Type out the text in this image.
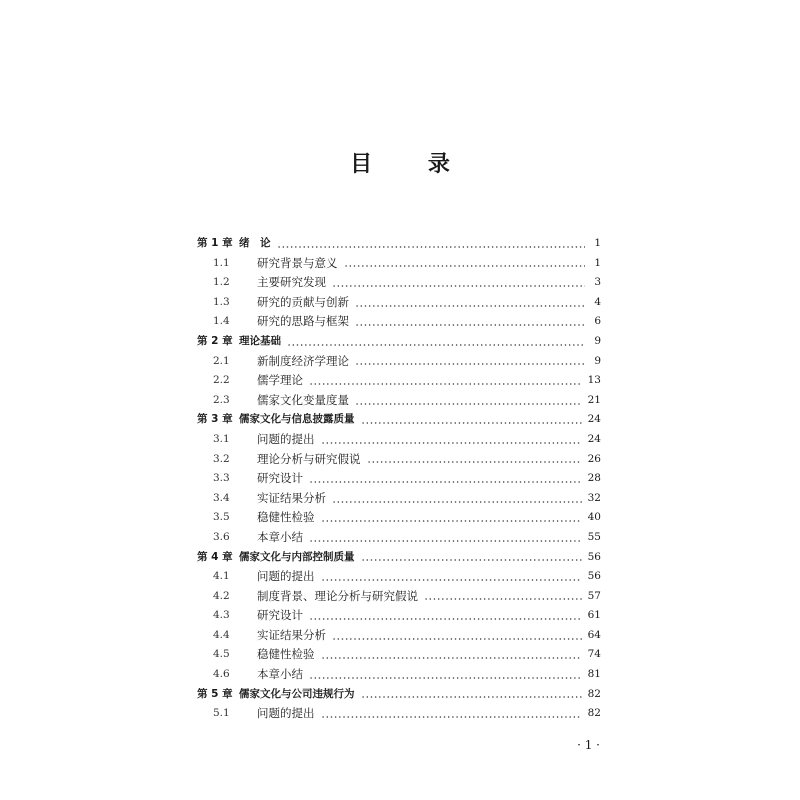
目 录
第 1 章 绪　论	1
1.1	研究背景与意义	1
1.2	主要研究发现	3
1.3	研究的贡献与创新	4
1.4	研究的思路与框架	6
第 2 章 理论基础	9
2.1	新制度经济学理论	9
2.2	儒学理论	13
2.3	儒家文化变量度量	21
第 3 章 儒家文化与信息披露质量	24
3.1	问题的提出	24
3.2	理论分析与研究假说	26
3.3	研究设计	28
3.4	实证结果分析	32
3.5	稳健性检验	40
3.6	本章小结	55
第 4 章 儒家文化与内部控制质量	56
4.1	问题的提出	56
4.2	制度背景、理论分析与研究假说	57
4.3	研究设计	61
4.4	实证结果分析	64
4.5	稳健性检验	74
4.6	本章小结	81
第 5 章 儒家文化与公司违规行为	82
5.1	问题的提出	82
· 1 ·
